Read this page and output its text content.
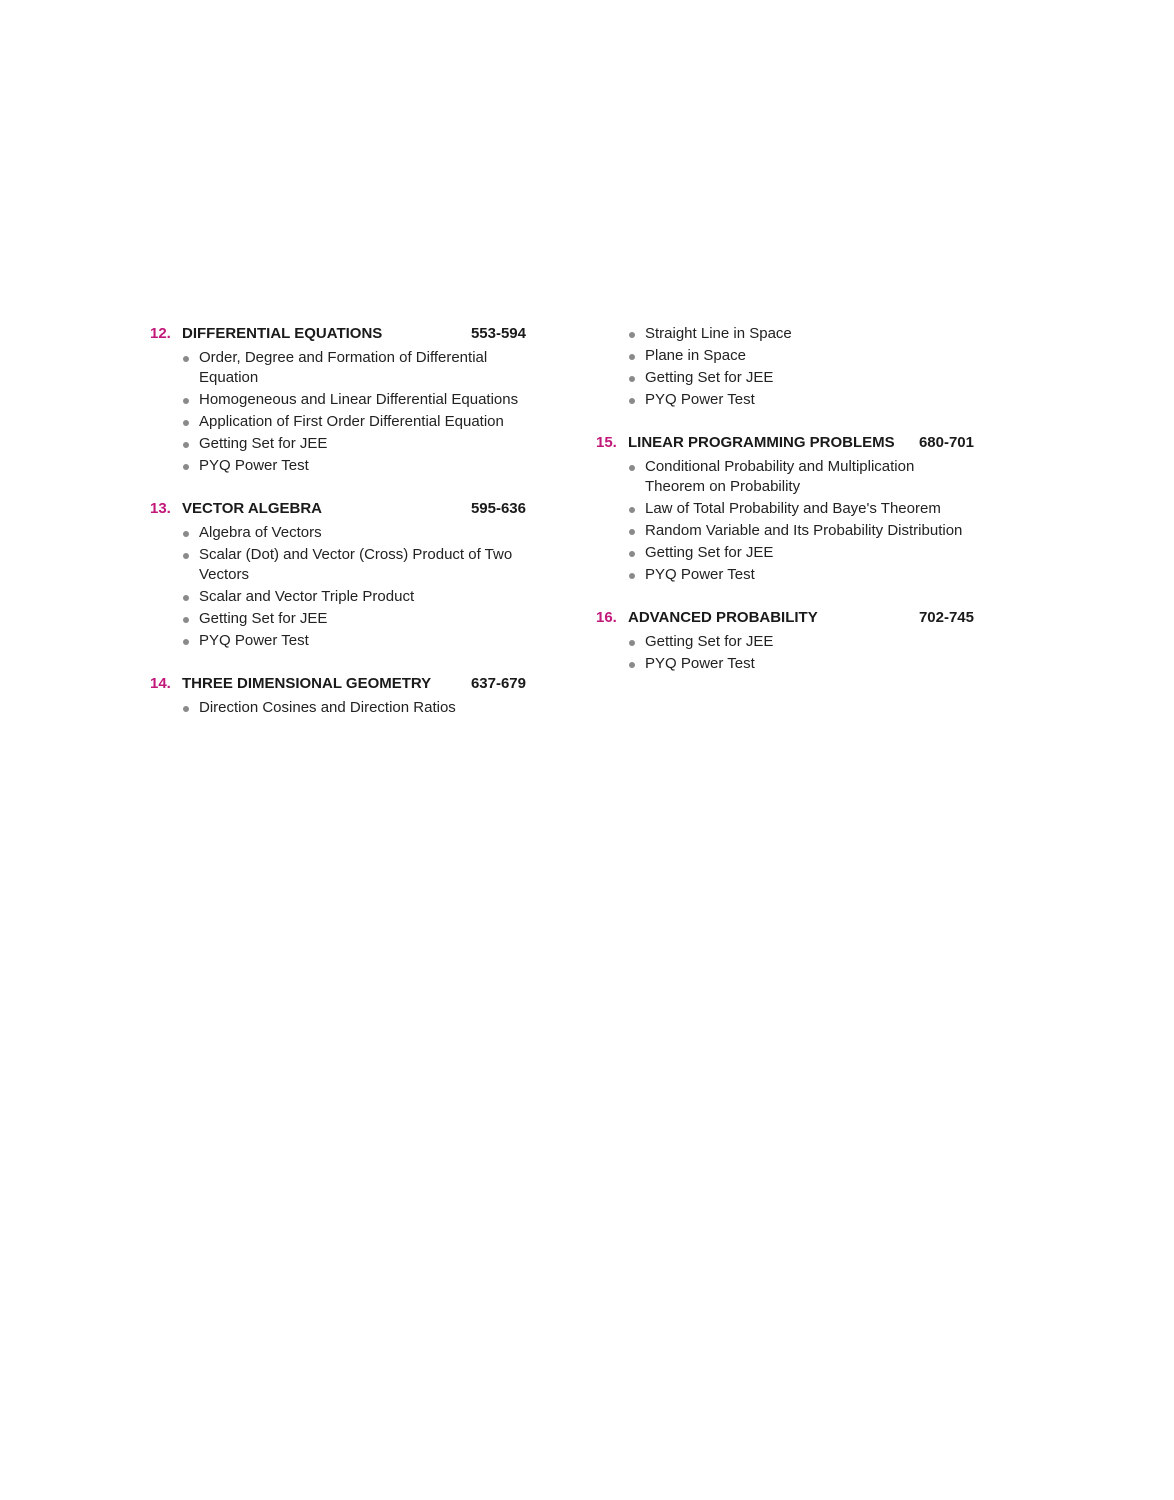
12. DIFFERENTIAL EQUATIONS	553-594
Order, Degree and Formation of Differential Equation
Homogeneous and Linear Differential Equations
Application of First Order Differential Equation
Getting Set for JEE
PYQ Power Test
13. VECTOR ALGEBRA	595-636
Algebra of Vectors
Scalar (Dot) and Vector (Cross) Product of Two Vectors
Scalar and Vector Triple Product
Getting Set for JEE
PYQ Power Test
14. THREE DIMENSIONAL GEOMETRY	637-679
Direction Cosines and Direction Ratios
Straight Line in Space
Plane in Space
Getting Set for JEE
PYQ Power Test
15. LINEAR PROGRAMMING PROBLEMS	680-701
Conditional Probability and Multiplication Theorem on Probability
Law of Total Probability and Baye's Theorem
Random Variable and Its Probability Distribution
Getting Set for JEE
PYQ Power Test
16. ADVANCED PROBABILITY	702-745
Getting Set for JEE
PYQ Power Test
